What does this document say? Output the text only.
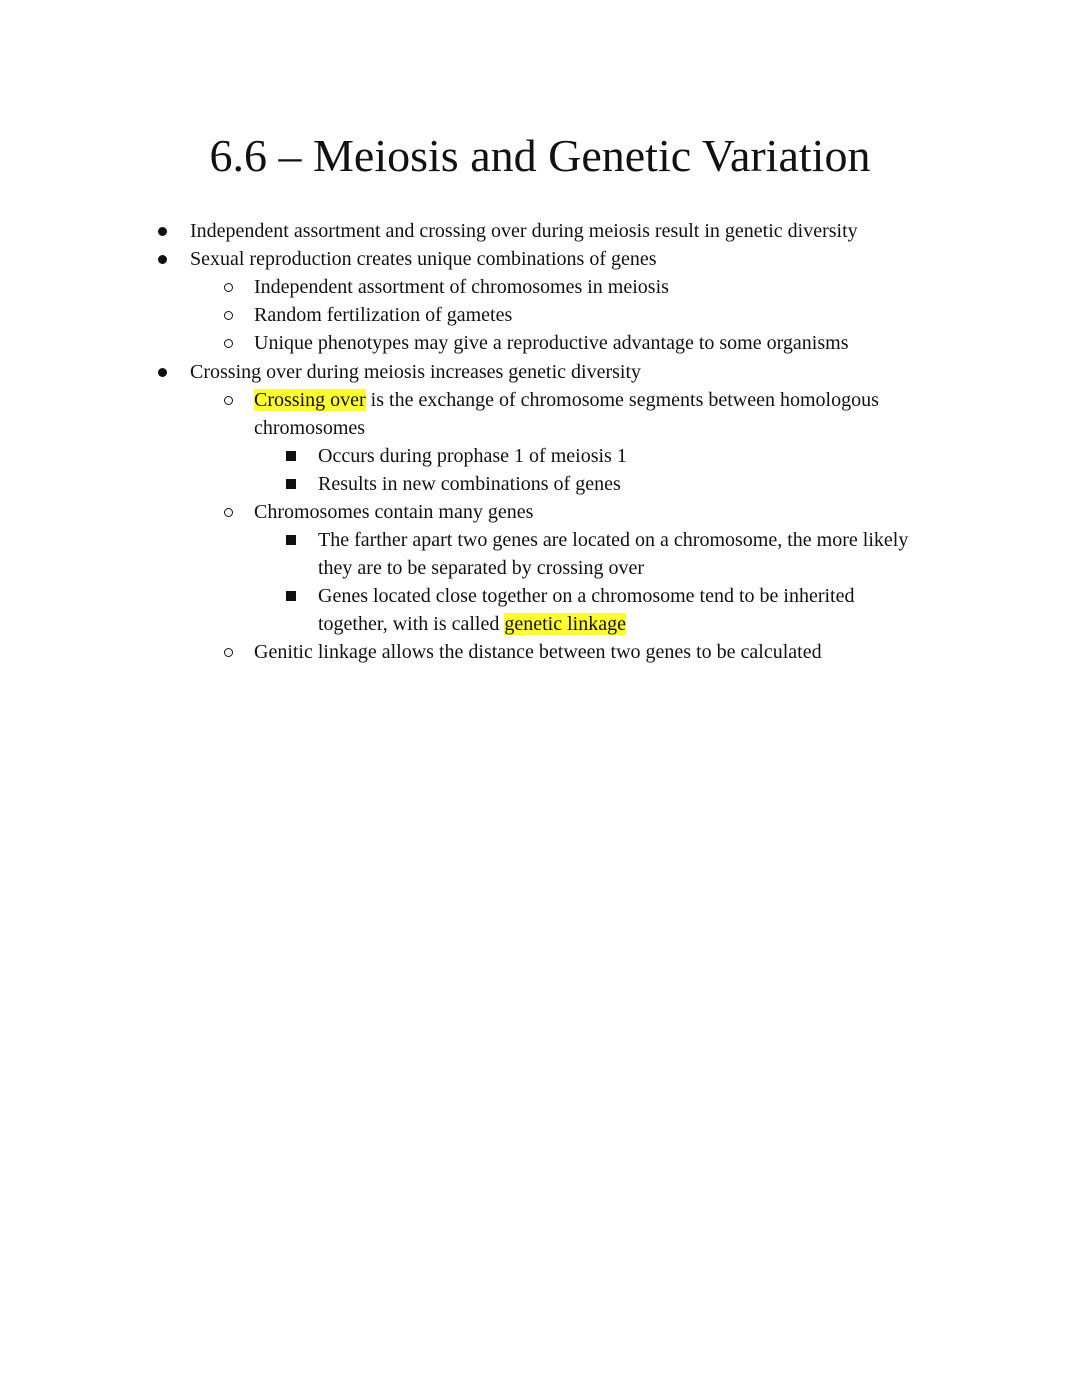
6.6 – Meiosis and Genetic Variation
Independent assortment and crossing over during meiosis result in genetic diversity
Sexual reproduction creates unique combinations of genes
Independent assortment of chromosomes in meiosis
Random fertilization of gametes
Unique phenotypes may give a reproductive advantage to some organisms
Crossing over during meiosis increases genetic diversity
Crossing over is the exchange of chromosome segments between homologous
chromosomes
Occurs during prophase 1 of meiosis 1
Results in new combinations of genes
Chromosomes contain many genes
The farther apart two genes are located on a chromosome, the more likely
they are to be separated by crossing over
Genes located close together on a chromosome tend to be inherited
together, with is called genetic linkage
Genitic linkage allows the distance between two genes to be calculated
